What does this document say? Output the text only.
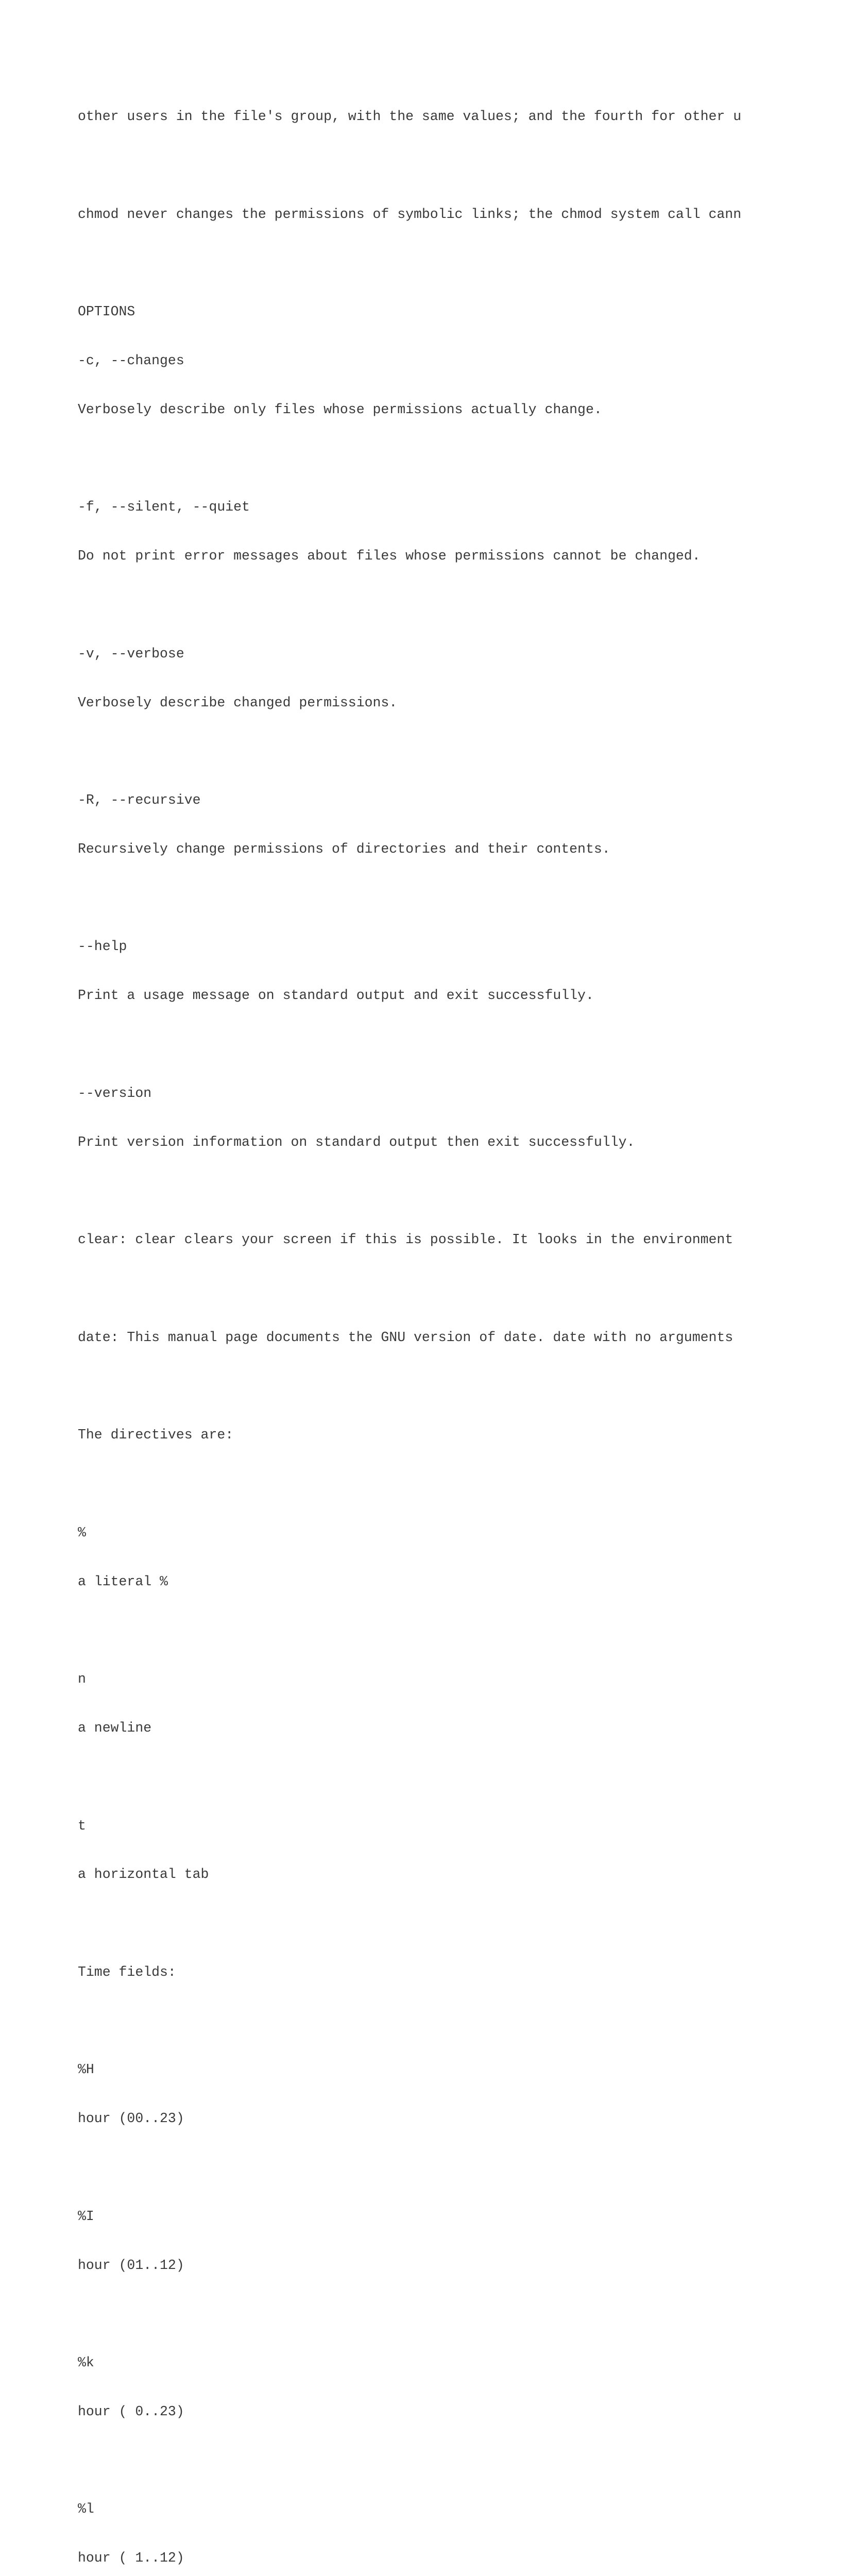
other users in the file's group, with the same values; and the fourth for other u

chmod never changes the permissions of symbolic links; the chmod system call cann

OPTIONS

-c, --changes

Verbosely describe only files whose permissions actually change.

-f, --silent, --quiet

Do not print error messages about files whose permissions cannot be changed.

-v, --verbose

Verbosely describe changed permissions.

-R, --recursive

Recursively change permissions of directories and their contents.

--help

Print a usage message on standard output and exit successfully.

--version

Print version information on standard output then exit successfully.

clear: clear clears your screen if this is possible. It looks in the environment

date: This manual page documents the GNU version of date. date with no arguments

The directives are:

%

a literal %

n

a newline

t

a horizontal tab

Time fields:

%H

hour (00..23)

%I

hour (01..12)

%k

hour ( 0..23)

%l

hour ( 1..12)
